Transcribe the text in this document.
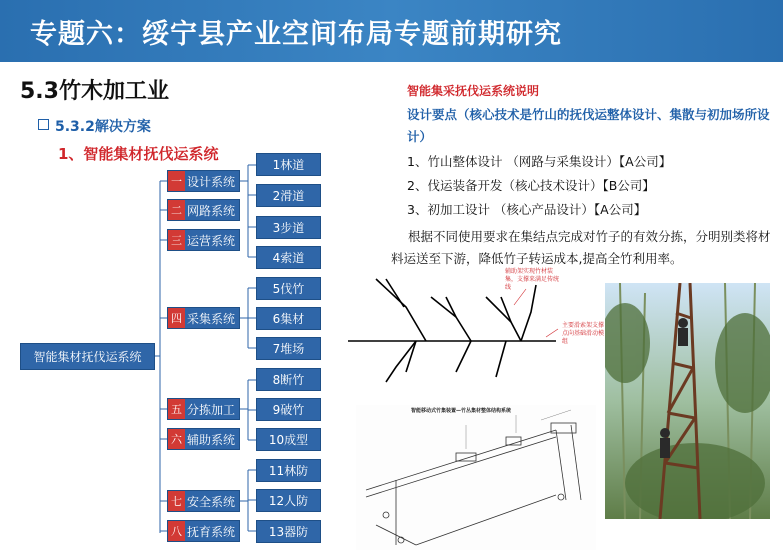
专题六：绥宁县产业空间布局专题前期研究
5.3竹木加工业
5.3.2解决方案
1、智能集材抚伐运系统
智能集材抚伐运系统
一 设计系统
二 网路系统
三 运营系统
四 采集系统
五 分拣加工
六 辅助系统
七 安全系统
八 抚育系统
1林道
2滑道
3步道
4索道
5伐竹
6集材
7堆场
8断竹
9破竹
10成型
11林防
12人防
13器防
智能集采抚伐运系统说明
设计要点（核心技术是竹山的抚伐运整体设计、集散与初加场所设计）
1、竹山整体设计 （网路与采集设计）【A公司】
2、伐运装备开发（核心技术设计）【B公司】
3、初加工设计 （核心产品设计）【A公司】
根据不同使用要求在集结点完成对竹子的有效分拣，分明别类将材料运送至下游，降低竹子转运成本,提高全竹利用率。
辅助架实现竹材装集，支撑来满足传统线
主要滑索架支撑点向基础滑动模组
智能移动式竹集装置—竹丛集材整体结构系统
